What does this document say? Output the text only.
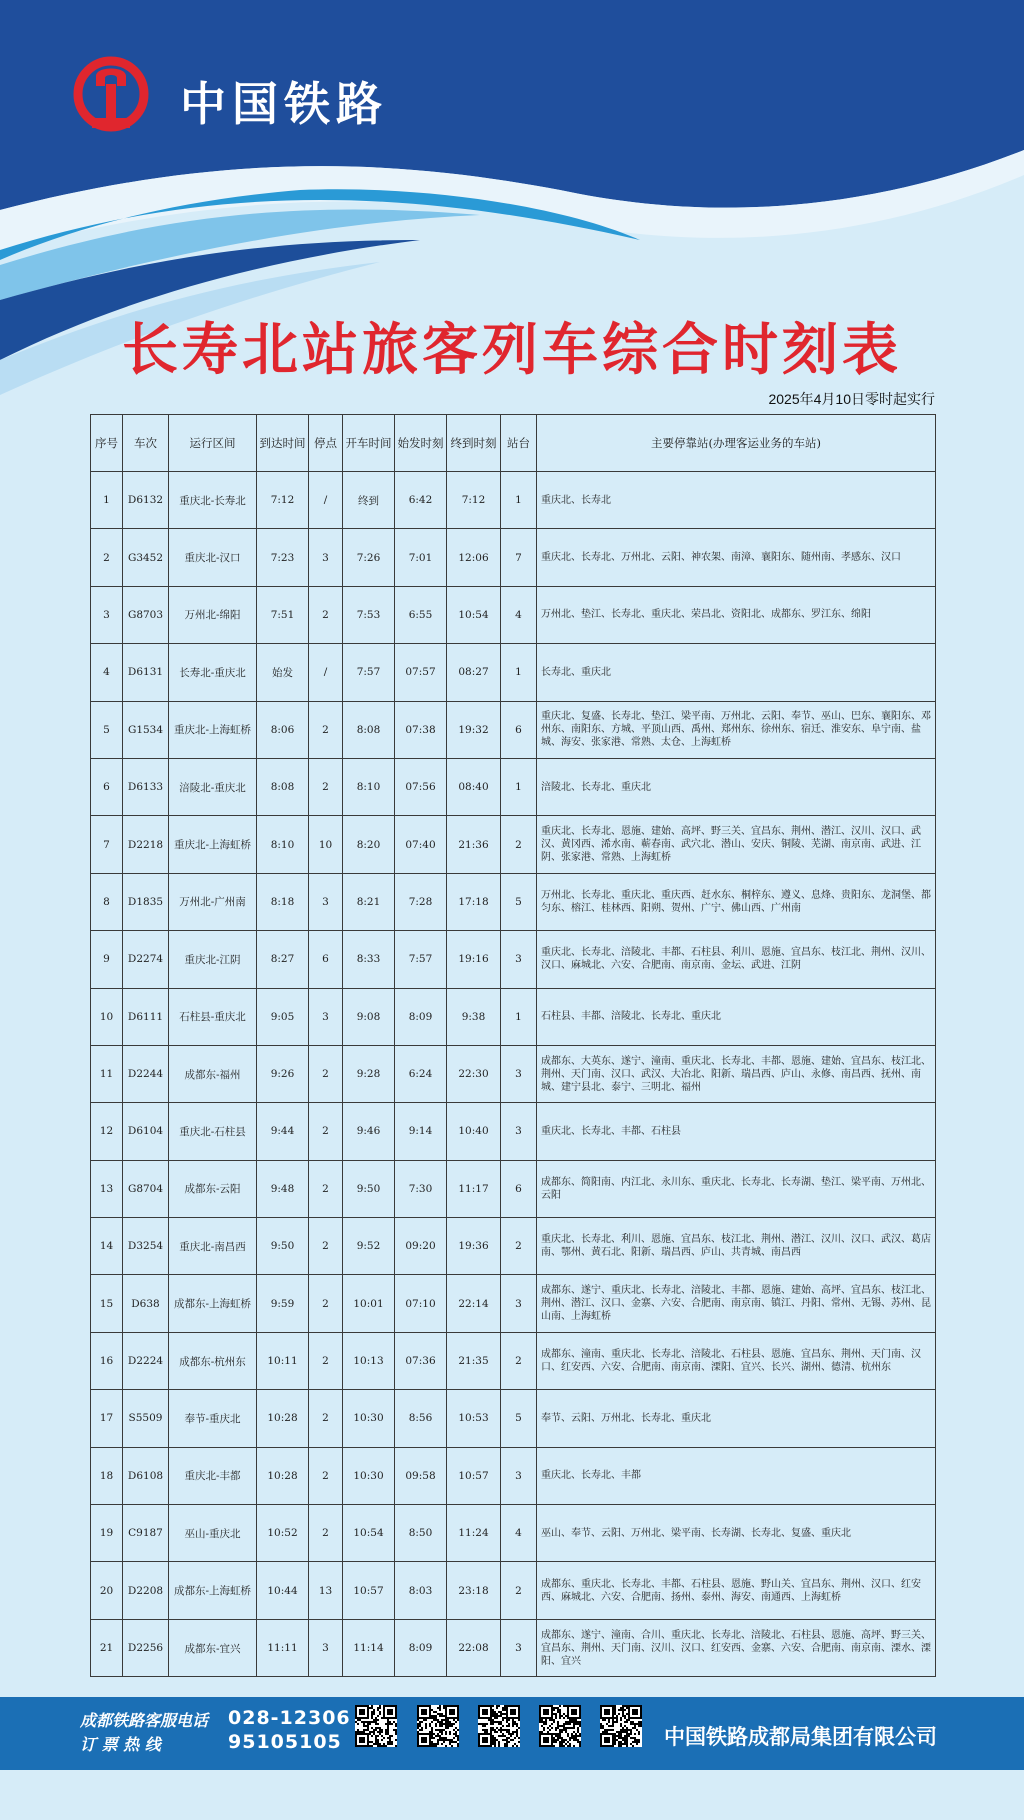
中国铁路
长寿北站旅客列车综合时刻表
2025年4月10日零时起实行
序号	车次	运行区间	到达时间	停点	开车时间	始发时刻	终到时刻	站台	主要停靠站(办理客运业务的车站)
1	D6132	重庆北-长寿北	7:12	/	终到	6:42	7:12	1	重庆北、长寿北
2	G3452	重庆北-汉口	7:23	3	7:26	7:01	12:06	7	重庆北、长寿北、万州北、云阳、神农架、南漳、襄阳东、随州南、孝感东、汉口
3	G8703	万州北-绵阳	7:51	2	7:53	6:55	10:54	4	万州北、垫江、长寿北、重庆北、荣昌北、资阳北、成都东、罗江东、绵阳
4	D6131	长寿北-重庆北	始发	/	7:57	07:57	08:27	1	长寿北、重庆北
5	G1534	重庆北-上海虹桥	8:06	2	8:08	07:38	19:32	6	重庆北、复盛、长寿北、垫江、梁平南、万州北、云阳、奉节、巫山、巴东、襄阳东、邓州东、南阳东、方城、平顶山西、禹州、郑州东、徐州东、宿迁、淮安东、阜宁南、盐城、海安、张家港、常熟、太仓、上海虹桥
6	D6133	涪陵北-重庆北	8:08	2	8:10	07:56	08:40	1	涪陵北、长寿北、重庆北
7	D2218	重庆北-上海虹桥	8:10	10	8:20	07:40	21:36	2	重庆北、长寿北、恩施、建始、高坪、野三关、宜昌东、荆州、潜江、汉川、汉口、武汉、黄冈西、浠水南、蕲春南、武穴北、潜山、安庆、铜陵、芜湖、南京南、武进、江阴、张家港、常熟、上海虹桥
8	D1835	万州北-广州南	8:18	3	8:21	7:28	17:18	5	万州北、长寿北、重庆北、重庆西、赶水东、桐梓东、遵义、息烽、贵阳东、龙洞堡、都匀东、榕江、桂林西、阳朔、贺州、广宁、佛山西、广州南
9	D2274	重庆北-江阴	8:27	6	8:33	7:57	19:16	3	重庆北、长寿北、涪陵北、丰都、石柱县、利川、恩施、宜昌东、枝江北、荆州、汉川、汉口、麻城北、六安、合肥南、南京南、金坛、武进、江阴
10	D6111	石柱县-重庆北	9:05	3	9:08	8:09	9:38	1	石柱县、丰都、涪陵北、长寿北、重庆北
11	D2244	成都东-福州	9:26	2	9:28	6:24	22:30	3	成都东、大英东、遂宁、潼南、重庆北、长寿北、丰都、恩施、建始、宜昌东、枝江北、荆州、天门南、汉口、武汉、大冶北、阳新、瑞昌西、庐山、永修、南昌西、抚州、南城、建宁县北、泰宁、三明北、福州
12	D6104	重庆北-石柱县	9:44	2	9:46	9:14	10:40	3	重庆北、长寿北、丰都、石柱县
13	G8704	成都东-云阳	9:48	2	9:50	7:30	11:17	6	成都东、简阳南、内江北、永川东、重庆北、长寿北、长寿湖、垫江、梁平南、万州北、云阳
14	D3254	重庆北-南昌西	9:50	2	9:52	09:20	19:36	2	重庆北、长寿北、利川、恩施、宜昌东、枝江北、荆州、潜江、汉川、汉口、武汉、葛店南、鄂州、黄石北、阳新、瑞昌西、庐山、共青城、南昌西
15	D638	成都东-上海虹桥	9:59	2	10:01	07:10	22:14	3	成都东、遂宁、重庆北、长寿北、涪陵北、丰都、恩施、建始、高坪、宜昌东、枝江北、荆州、潜江、汉口、金寨、六安、合肥南、南京南、镇江、丹阳、常州、无锡、苏州、昆山南、上海虹桥
16	D2224	成都东-杭州东	10:11	2	10:13	07:36	21:35	2	成都东、潼南、重庆北、长寿北、涪陵北、石柱县、恩施、宜昌东、荆州、天门南、汉口、红安西、六安、合肥南、南京南、溧阳、宜兴、长兴、湖州、德清、杭州东
17	S5509	奉节-重庆北	10:28	2	10:30	8:56	10:53	5	奉节、云阳、万州北、长寿北、重庆北
18	D6108	重庆北-丰都	10:28	2	10:30	09:58	10:57	3	重庆北、长寿北、丰都
19	C9187	巫山-重庆北	10:52	2	10:54	8:50	11:24	4	巫山、奉节、云阳、万州北、梁平南、长寿湖、长寿北、复盛、重庆北
20	D2208	成都东-上海虹桥	10:44	13	10:57	8:03	23:18	2	成都东、重庆北、长寿北、丰都、石柱县、恩施、野山关、宜昌东、荆州、汉口、红安西、麻城北、六安、合肥南、扬州、泰州、海安、南通西、上海虹桥
21	D2256	成都东-宜兴	11:11	3	11:14	8:09	22:08	3	成都东、遂宁、潼南、合川、重庆北、长寿北、涪陵北、石柱县、恩施、高坪、野三关、宜昌东、荆州、天门南、汉川、汉口、红安西、金寨、六安、合肥南、南京南、溧水、溧阳、宜兴
成都铁路客服电话
订 票 热 线
028-12306
95105105	中国铁路成都局集团有限公司
